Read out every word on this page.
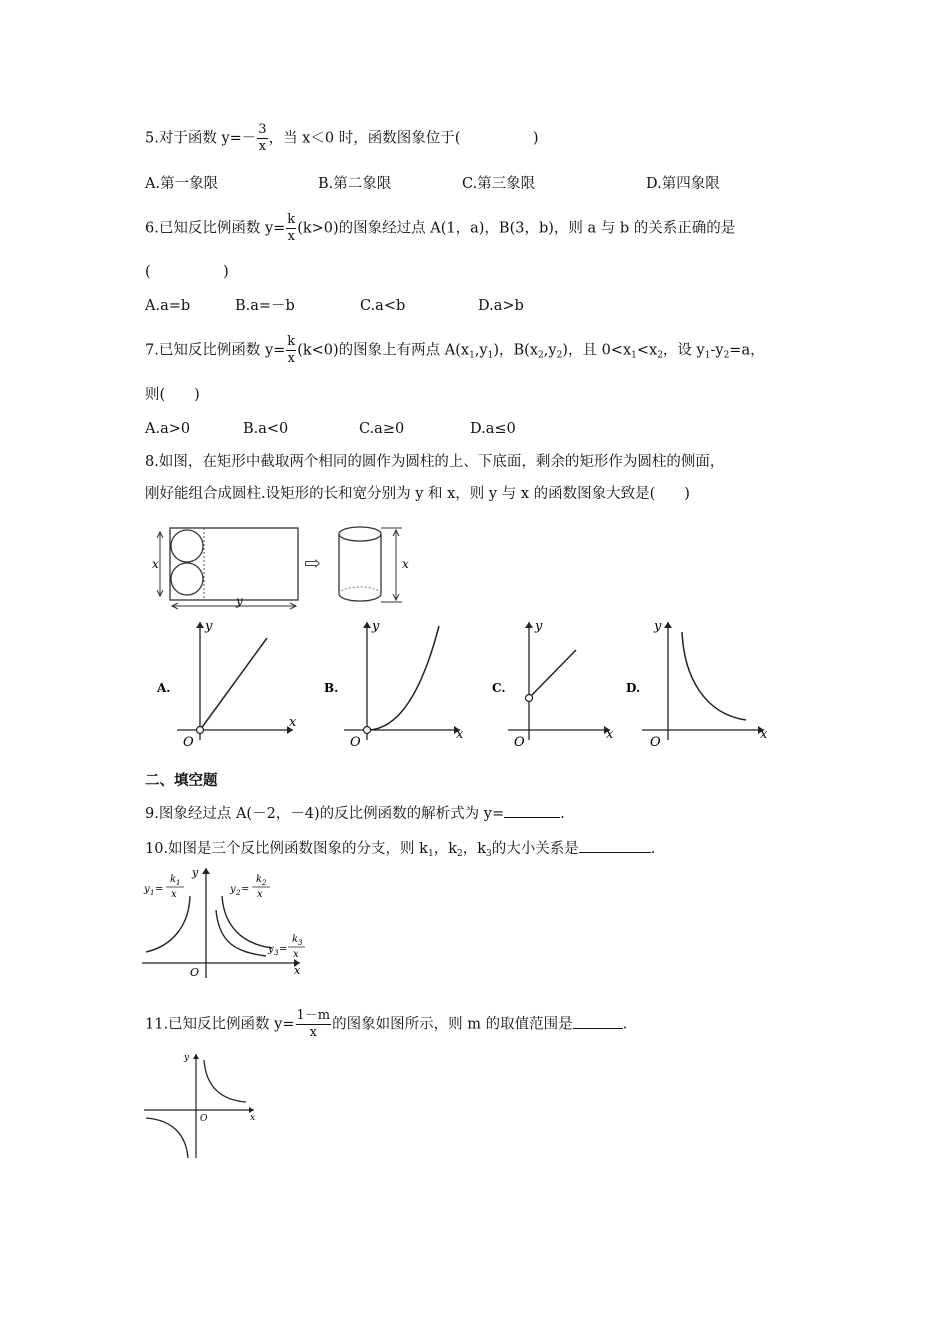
5.对于函数 $y=- \frac{3}{x}$ ，当 x＜0 时，函数图象位于(　　　　　)
A.第一象限	B.第二象限	C.第三象限	D.第四象限
6.已知反比例函数 $y= \frac{k}{x} (k>0)$的图象经过点 A(1，a)，B(3，b)，则 a 与 b 的关系正确的是
(　　　　　)
A.a=b	B.a=－b	C.a<b	D.a>b
7.已知反比例函数 $y= \frac{k}{x} (k<0)$的图象上有两点 $A(x_1,y_1)$，$B(x_2,y_2)$，且 $0<x_1<x_2$，设 $y_1-y_2=a$，
则(　　)
A.a>0	B.a<0	C.a≥0	D.a≤0
8.如图，在矩形中截取两个相同的圆作为圆柱的上、下底面，剩余的矩形作为圆柱的侧面，
刚好能组合成圆柱.设矩形的长和宽分别为 y 和 x，则 y 与 x 的函数图象大致是(　　)
x
y
⇨	x
A.
y
x
O
B.
y
x
O
C.
y
x
O
D.
y
x
O
二、填空题
9.图象经过点 A(－2，－4)的反比例函数的解析式为 y=	.
10.如图是三个反比例函数图象的分支，则 $k_1$，$k_2$，$k_3$的大小关系是	.
y 1 =
k 1
x	y 2 =
k 2
x
y 3 =
k 3
x
y
x
O
11.已知反比例函数 $y= \frac{1-m}{x}$ 的图象如图所示，则 m 的取值范围是	.
y
x
O
